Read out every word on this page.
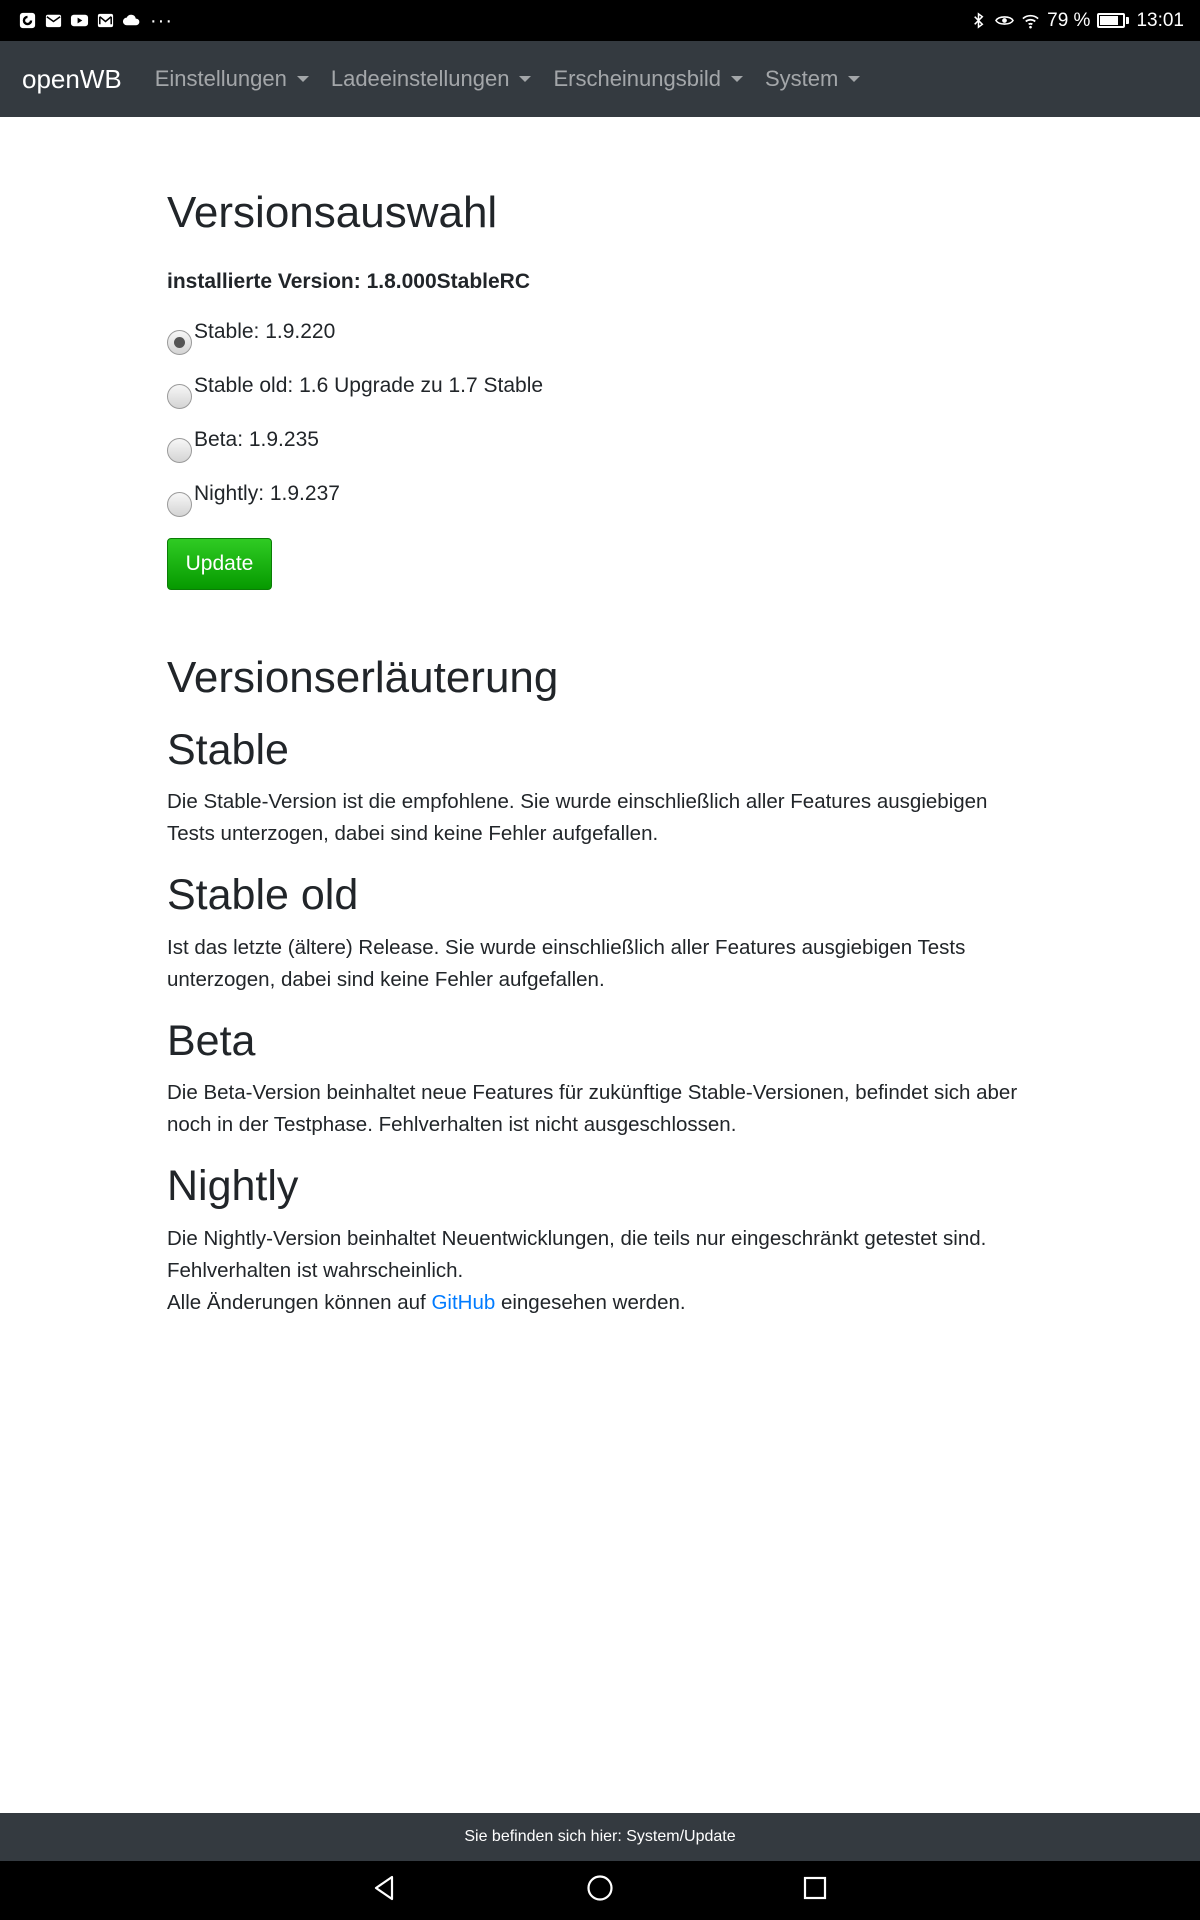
···	79 % 13:01
openWB Einstellungen Ladeeinstellungen Erscheinungsbild System
Versionsauswahl
installierte Version: 1.8.000StableRC
Stable: 1.9.220
Stable old: 1.6 Upgrade zu 1.7 Stable
Beta: 1.9.235
Nightly: 1.9.237
Update
Versionserläuterung
Stable

Die Stable-Version ist die empfohlene. Sie wurde einschließlich aller Features ausgiebigen Tests unterzogen, dabei sind keine Fehler aufgefallen.

Stable old

Ist das letzte (ältere) Release. Sie wurde einschließlich aller Features ausgiebigen Tests unterzogen, dabei sind keine Fehler aufgefallen.

Beta

Die Beta-Version beinhaltet neue Features für zukünftige Stable-Versionen, befindet sich aber noch in der Testphase. Fehlverhalten ist nicht ausgeschlossen.

Nightly

Die Nightly-Version beinhaltet Neuentwicklungen, die teils nur eingeschränkt getestet sind. Fehlverhalten ist wahrscheinlich.
Alle Änderungen können auf GitHub eingesehen werden.

Sie befinden sich hier: System/Update
